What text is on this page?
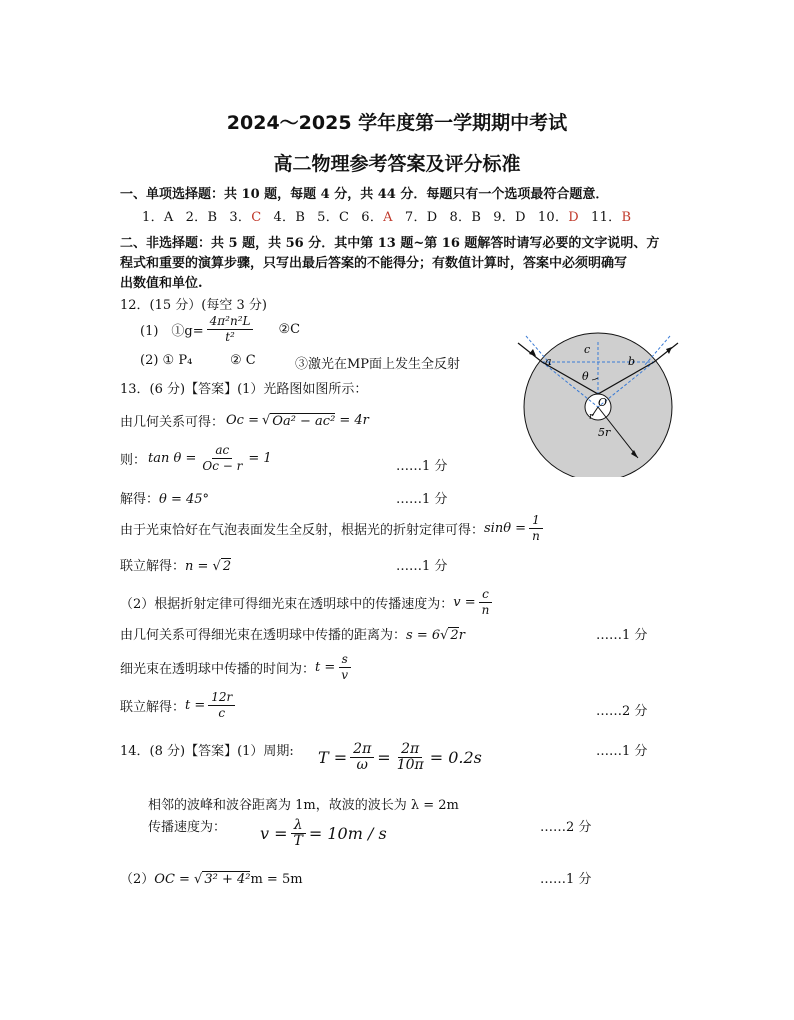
2024～2025 学年度第一学期期中考试
高二物理参考答案及评分标准
一、单项选择题：共 10 题，每题 4 分，共 44 分．每题只有一个选项最符合题意．
1．A 2．B 3．C 4．B 5．C 6．A 7．D 8．B 9．D 10．D 11．B
二、非选择题：共 5 题，共 56 分．其中第 13 题~第 16 题解答时请写必要的文字说明、方
程式和重要的演算步骤，只写出最后答案的不能得分；有数值计算时，答案中必须明确写
出数值和单位.
12．(15 分）(每空 3 分)
(1)　①g= $\frac{\text{4π²n²L}}{\text{t²}}$ ②C
(2) ① P₄	② C	③激光在MP面上发生全反射
13．(6 分)【答案】(1）光路图如图所示：
由几何关系可得： Oc = √ Oa² − ac² = 4r
则： $\tan \theta = \frac{ac}{Oc - r} = 1$
……1 分
解得：θ = 45°	……1 分
由于光束恰好在气泡表面发生全反射，根据光的折射定律可得： $\sin\theta = \frac{1}{n}$
联立解得：n = √ 2	……1 分
（2）根据折射定律可得细光束在透明球中的传播速度为： $v = \frac{c}{n}$
由几何关系可得细光束在透明球中传播的距离为：s = 6√ 2r	……1 分
细光束在透明球中传播的时间为： $t = \frac{s}{v}$
联立解得： $t = \frac{12r}{c}$	……2 分
14．(8 分)【答案】(1）周期:	……1 分
$T = \frac{2\pi}{\omega} = \frac{2\pi}{10\pi} = 0.2s$
相邻的波峰和波谷距离为 1m，故波的波长为 λ = 2m
传播速度为：	……2 分
$v = \frac{\lambda}{T} = 10m / s$
（2）OC = √ 3² + 4²m = 5m	……1 分
a	b
c
O
θ
r
5r
